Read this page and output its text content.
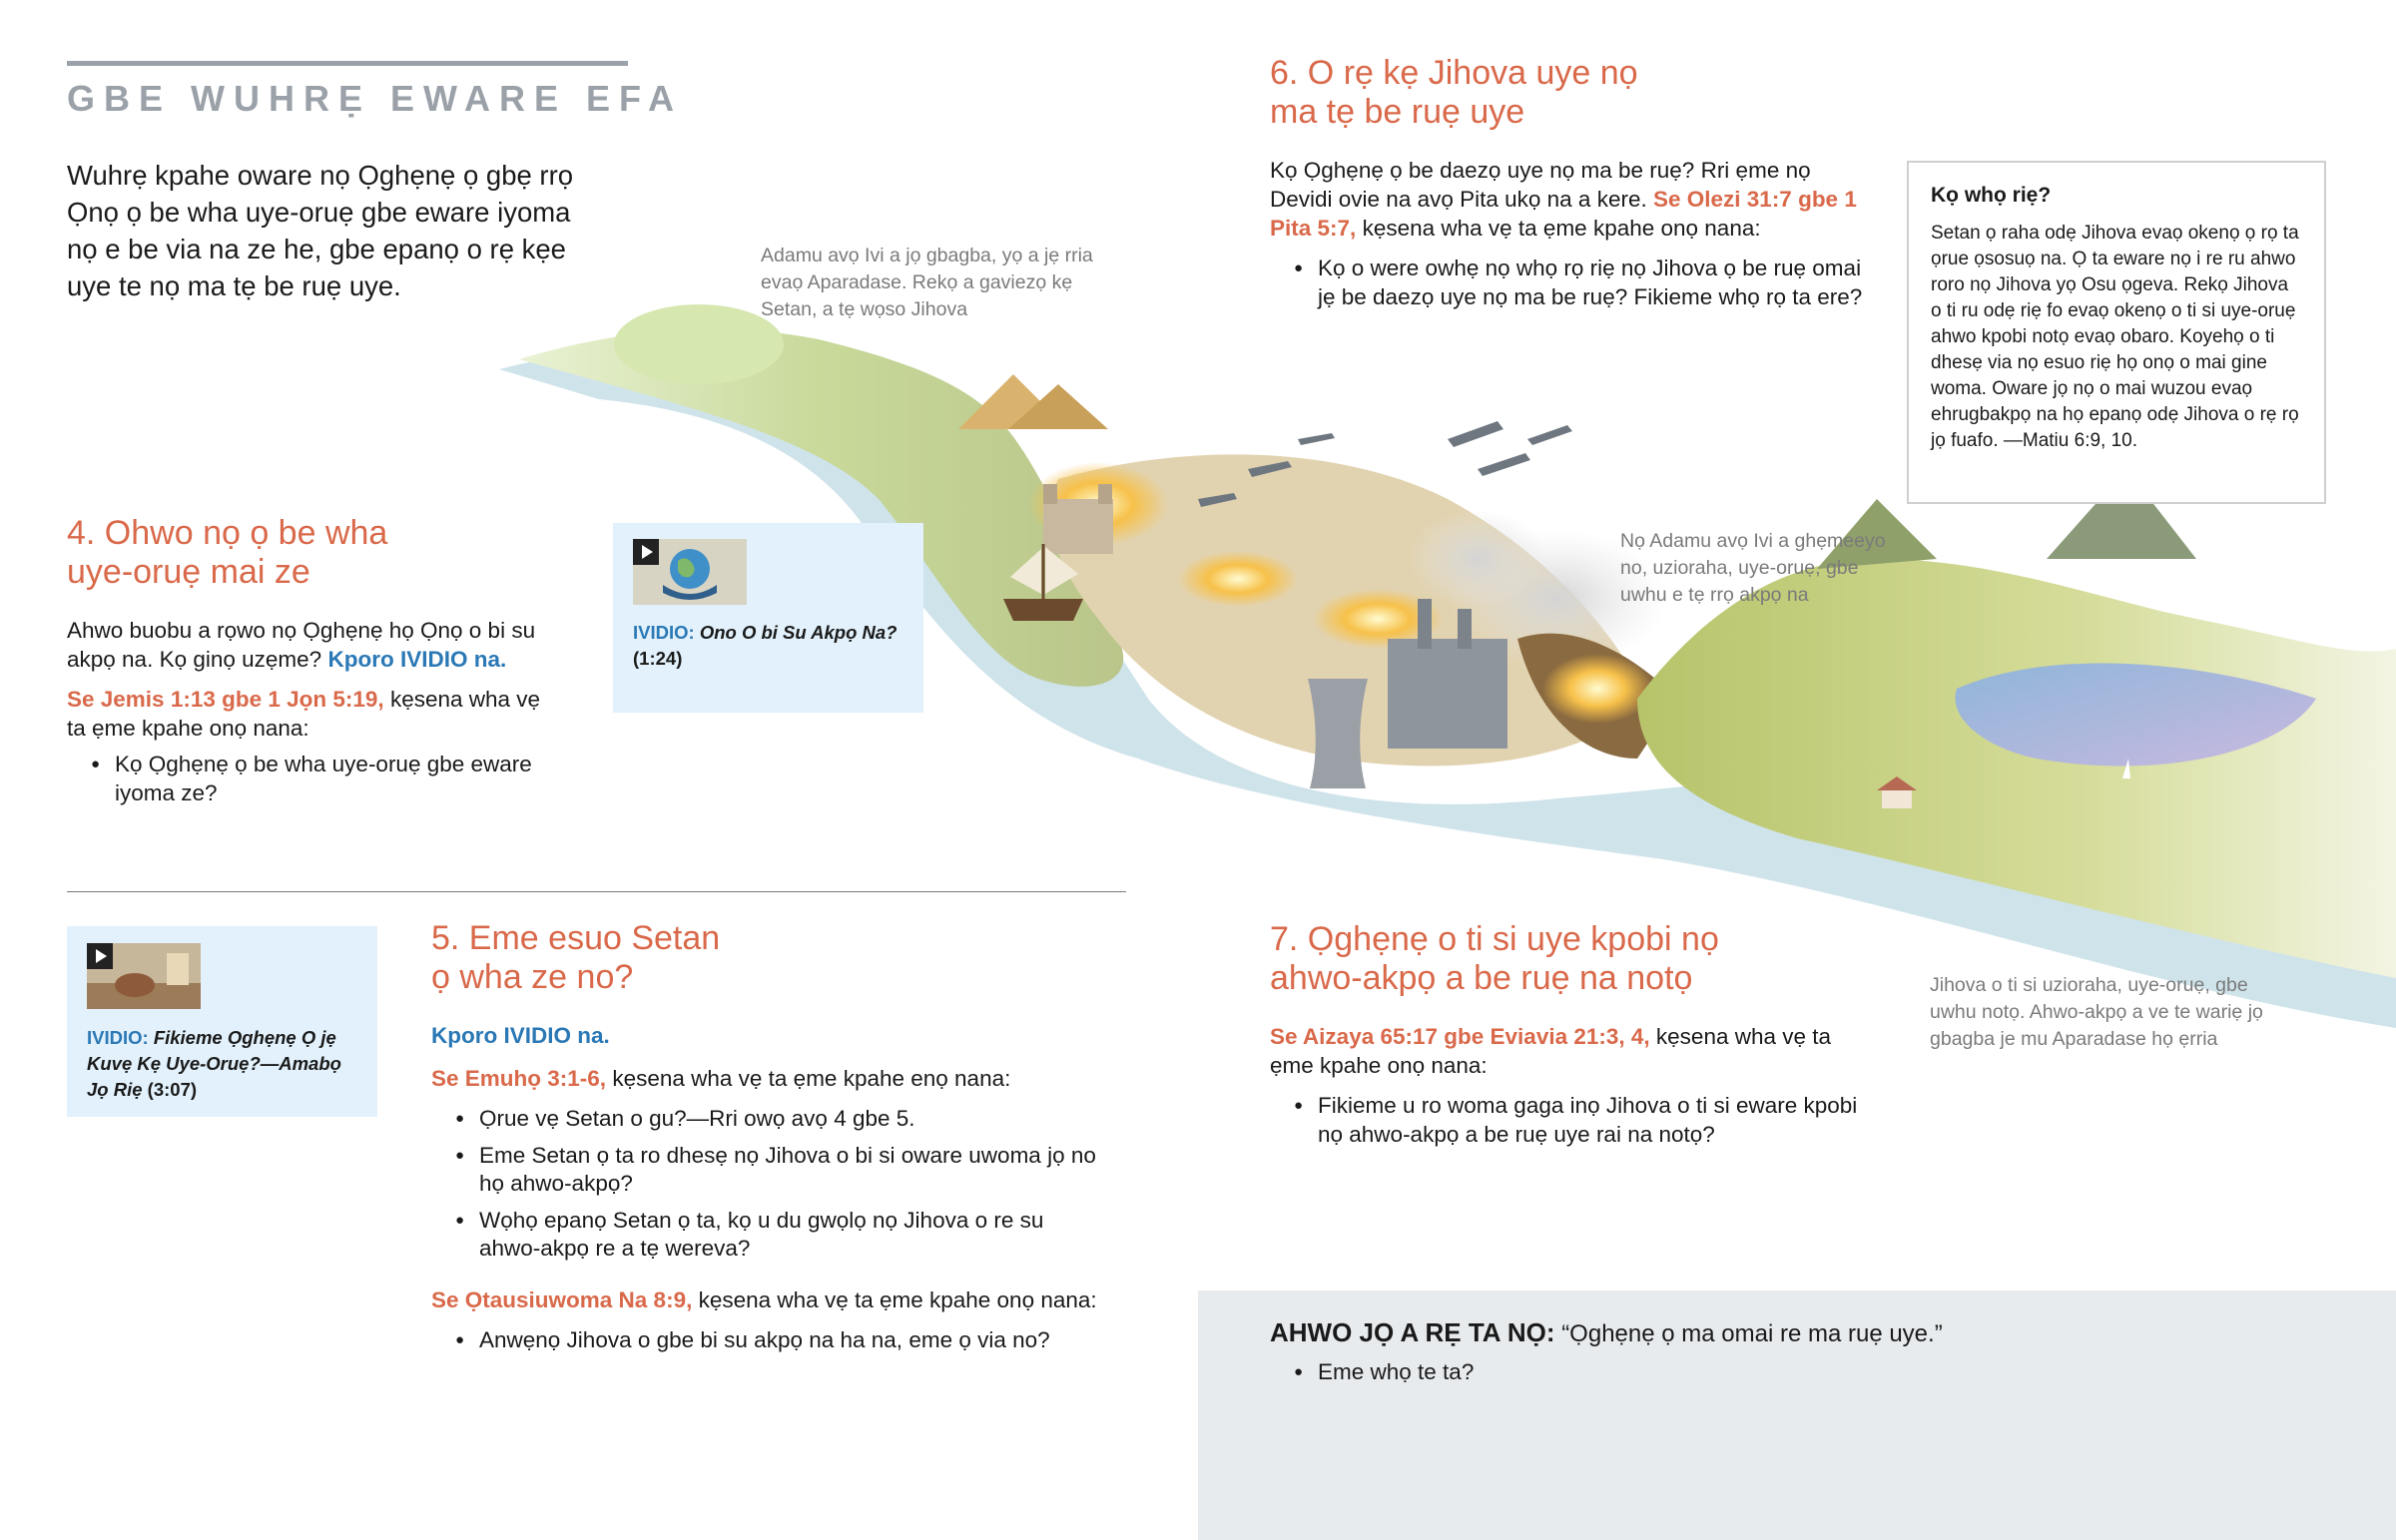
GBE WUHRẸ EWARE EFA
Wuhrẹ kpahe oware nọ Ọghẹnẹ ọ gbẹ rrọ Ọnọ ọ be wha uye-oruẹ gbe eware iyoma nọ e be via na ze he, gbe epanọ o rẹ kẹe uye te nọ ma tẹ be ruẹ uye.
Adamu avọ Ivi a jọ gbagba, yọ a jẹ rria evaọ Aparadase. Rekọ a gaviezọ kẹ Setan, a tẹ wọso Jihova
Nọ Adamu avọ Ivi a ghẹmeeyo no, uzioraha, uye-oruẹ, gbe uwhu e tẹ rrọ akpọ na
Jihova o ti si uzioraha, uye-oruẹ, gbe uwhu notọ. Ahwo-akpọ a ve te wariẹ jọ gbagba je mu Aparadase họ ẹrria
4. Ohwo nọ ọ be wha
uye-oruẹ mai ze
Ahwo buobu a rọwo nọ Ọghẹnẹ họ Ọnọ o bi su akpọ na. Kọ ginọ uzẹme? Kporo IVIDIO na.
Se Jemis 1:13 gbe 1 Jọn 5:19, kẹsena wha vẹ ta ẹme kpahe onọ nana:
● Kọ Ọghẹnẹ ọ be wha uye-oruẹ gbe eware iyoma ze?
IVIDIO: Ono O bi Su Akpọ Na?
(1:24)
IVIDIO: Fikieme Ọghẹnẹ Ọ jẹ Kuvẹ Kẹ Uye-Oruẹ?—Amabọ Jọ Riẹ (3:07)
5. Eme esuo Setan
ọ wha ze no?
Kporo IVIDIO na.
Se Emuhọ 3:1-6, kẹsena wha vẹ ta ẹme kpahe enọ nana:
● Ọrue vẹ Setan o gu?—Rri owọ avọ 4 gbe 5.
● Eme Setan ọ ta ro dhesẹ nọ Jihova o bi si oware uwoma jọ no họ ahwo-akpọ?
● Wọhọ epanọ Setan ọ ta, kọ u du gwọlọ nọ Jihova o re su ahwo-akpọ re a tẹ wereva?
Se Ọtausiuwoma Na 8:9, kẹsena wha vẹ ta ẹme kpahe onọ nana:
● Anwẹnọ Jihova o gbe bi su akpọ na ha na, eme ọ via no?
6. O rẹ kẹ Jihova uye nọ
ma tẹ be ruẹ uye
Kọ Ọghẹnẹ ọ be daezọ uye nọ ma be ruẹ? Rri ẹme nọ Devidi ovie na avọ Pita ukọ na a kere. Se Olezi 31:7 gbe 1 Pita 5:7, kẹsena wha vẹ ta ẹme kpahe onọ nana:
● Kọ o were owhẹ nọ whọ rọ riẹ nọ Jihova ọ be ruẹ omai jẹ be daezọ uye nọ ma be ruẹ? Fikieme whọ rọ ta ere?
Kọ whọ riẹ?
Setan ọ raha odẹ Jihova evaọ okenọ ọ rọ ta ọrue ọsosuọ na. Ọ ta eware nọ i re ru ahwo roro nọ Jihova yọ Osu ọgeva. Rekọ Jihova o ti ru odẹ riẹ fo evaọ okenọ o ti si uye-oruẹ ahwo kpobi notọ evaọ obaro. Koyehọ o ti dhesẹ via nọ esuo riẹ họ onọ o mai gine woma. Oware jọ nọ o mai wuzou evaọ ehrugbakpọ na họ epanọ odẹ Jihova o rẹ rọ jọ fuafo. —Matiu 6:9, 10.
7. Ọghẹnẹ o ti si uye kpobi nọ
ahwo-akpọ a be ruẹ na notọ
Se Aizaya 65:17 gbe Eviavia 21:3, 4, kẹsena wha vẹ ta ẹme kpahe onọ nana:
● Fikieme u ro woma gaga inọ Jihova o ti si eware kpobi nọ ahwo-akpọ a be ruẹ uye rai na notọ?
AHWO JỌ A RẸ TA NỌ: “Ọghẹnẹ ọ ma omai re ma ruẹ uye.”
● Eme whọ te ta?
